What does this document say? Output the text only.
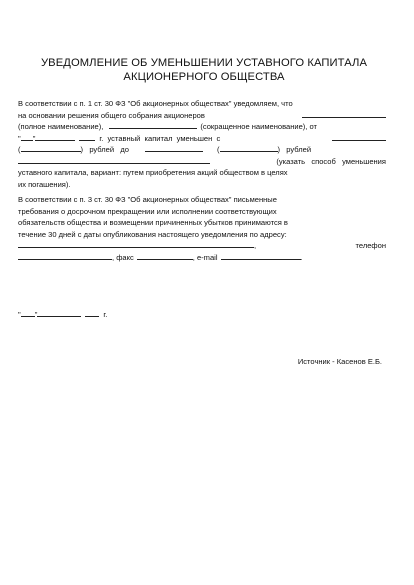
УВЕДОМЛЕНИЕ ОБ УМЕНЬШЕНИИ УСТАВНОГО КАПИТАЛА
АКЦИОНЕРНОГО ОБЩЕСТВА
В соответствии с п. 1 ст. 30 ФЗ "Об акционерных обществах" уведомляем, что
на основании решения общего собрания акционеров
(полное наименование),	(сокращенное наименование), от
" "	г.  уставный  капитал  уменьшен  с
(	)   рублей   до	(	)   рублей
(указать   способ   уменьшения
уставного капитала, вариант: путем приобретения акций обществом в целях
их погашения).
В соответствии с п. 3 ст. 30 ФЗ "Об акционерных обществах" письменные
требования о досрочном прекращении или исполнении соответствующих
обязательств общества и возмещении причиненных убытков принимаются в
течение 30 дней с даты опубликования настоящего уведомления по адресу:
,	телефон
, факс	, e-mail	.
" "	г.
Источник - Касенов Е.Б.
